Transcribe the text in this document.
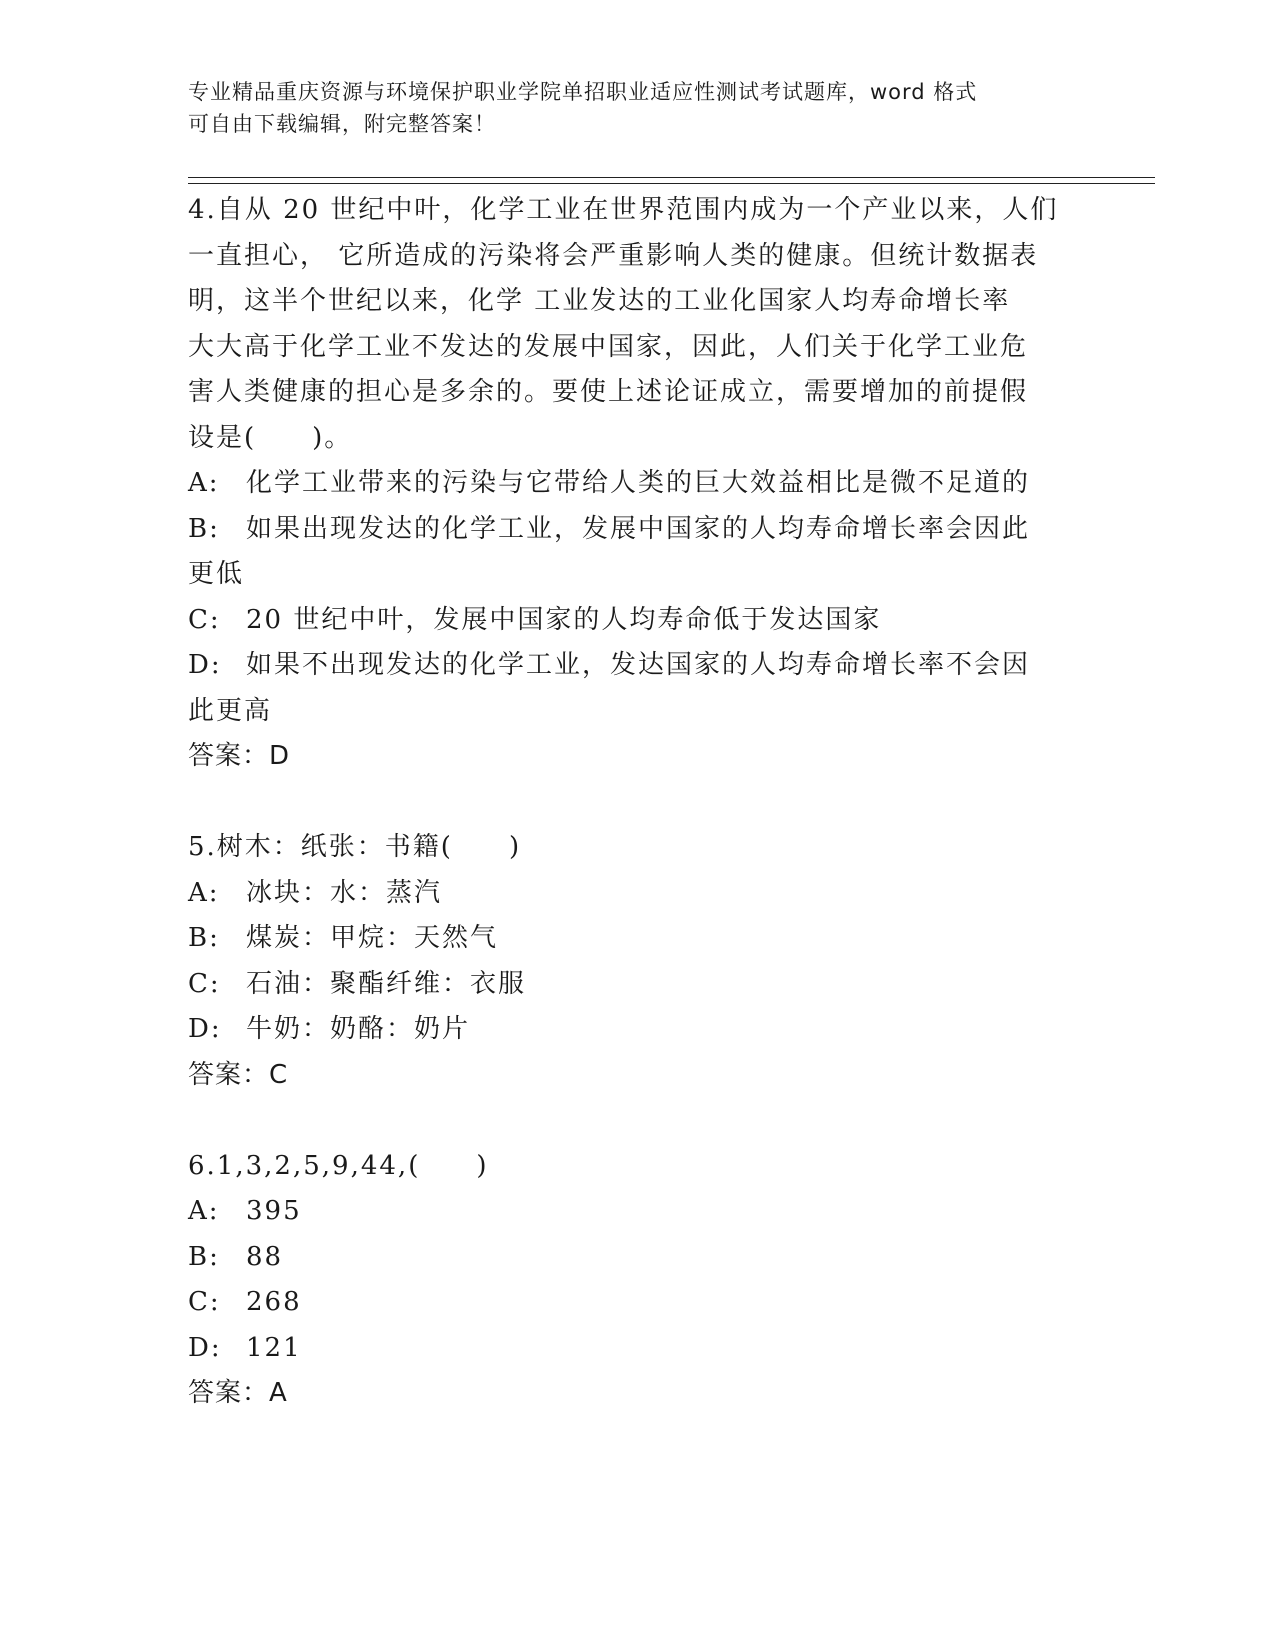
专业精品重庆资源与环境保护职业学院单招职业适应性测试考试题库，word 格式
可自由下载编辑，附完整答案！
4.自从 20 世纪中叶，化学工业在世界范围内成为一个产业以来，人们
一直担心， 它所造成的污染将会严重影响人类的健康。但统计数据表
明，这半个世纪以来，化学 工业发达的工业化国家人均寿命增长率
大大高于化学工业不发达的发展中国家，因此，人们关于化学工业危
害人类健康的担心是多余的。要使上述论证成立，需要增加的前提假
设是(　　)。
A:	化学工业带来的污染与它带给人类的巨大效益相比是微不足道的
B:	如果出现发达的化学工业，发展中国家的人均寿命增长率会因此
更低
C: 20 世纪中叶，发展中国家的人均寿命低于发达国家
D: 如果不出现发达的化学工业，发达国家的人均寿命增长率不会因
此更高
答案：D
5.树木：纸张：书籍(　　)
A:	冰块：水：蒸汽
B:	煤炭：甲烷：天然气
C: 石油：聚酯纤维：衣服
D: 牛奶：奶酪：奶片
答案：C
6.1,3,2,5,9,44,(　　)
A:	395
B:	88
C: 268
D: 121
答案：A
